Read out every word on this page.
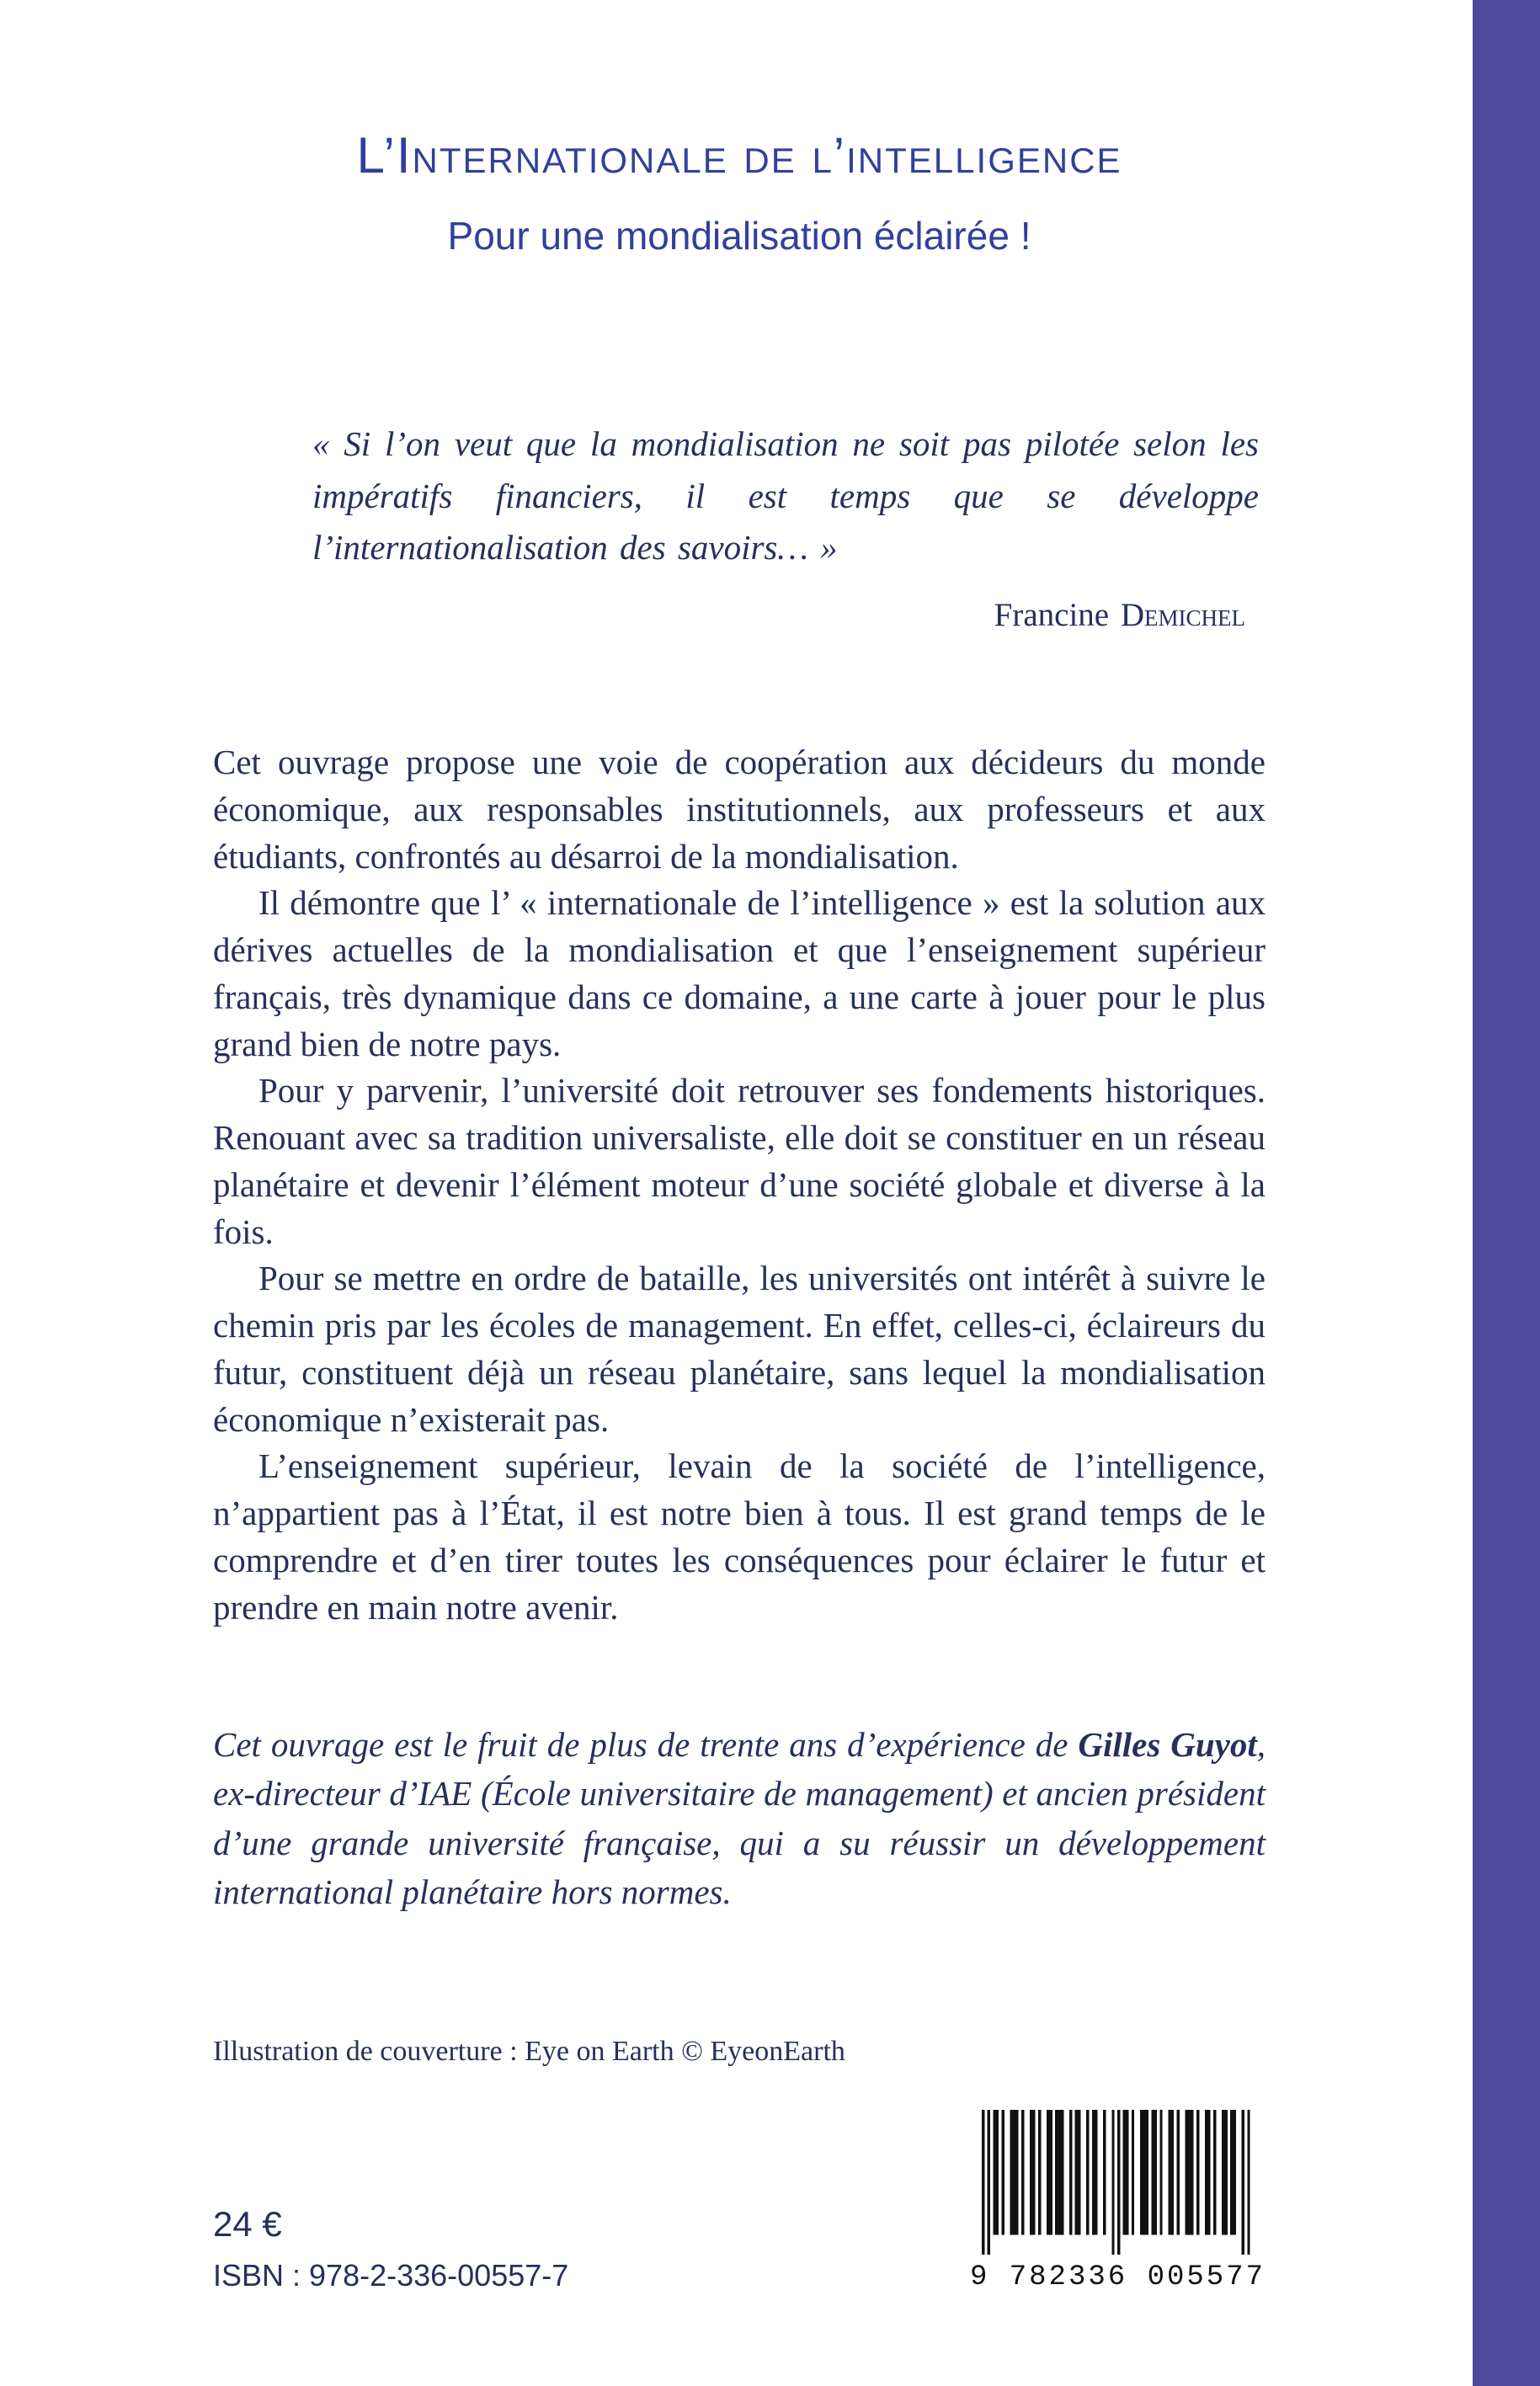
L’Internationale de l’intelligence
Pour une mondialisation éclairée !

« Si l’on veut que la mondialisation ne soit pas pilotée selon les impératifs financiers, il est temps que se développe l’internationalisation des savoirs… »

Francine Demichel

Cet ouvrage propose une voie de coopération aux décideurs du monde économique, aux responsables institutionnels, aux professeurs et aux étudiants, confrontés au désarroi de la mondialisation.

Il démontre que l’ « internationale de l’intelligence » est la solution aux dérives actuelles de la mondialisation et que l’enseignement supérieur français, très dynamique dans ce domaine, a une carte à jouer pour le plus grand bien de notre pays.

Pour y parvenir, l’université doit retrouver ses fondements historiques. Renouant avec sa tradition universaliste, elle doit se constituer en un réseau planétaire et devenir l’élément moteur d’une société globale et diverse à la fois.

Pour se mettre en ordre de bataille, les universités ont intérêt à suivre le chemin pris par les écoles de management. En effet, celles-ci, éclaireurs du futur, constituent déjà un réseau planétaire, sans lequel la mondialisation économique n’existerait pas.

L’enseignement supérieur, levain de la société de l’intelligence, n’appartient pas à l’État, il est notre bien à tous. Il est grand temps de le comprendre et d’en tirer toutes les conséquences pour éclairer le futur et prendre en main notre avenir.

Cet ouvrage est le fruit de plus de trente ans d’expérience de Gilles Guyot, ex-directeur d’IAE (École universitaire de management) et ancien président d’une grande université française, qui a su réussir un développement international planétaire hors normes.

Illustration de couverture : Eye on Earth © EyeonEarth

24 €
ISBN : 978-2-336-00557-7	9 782336 005577
